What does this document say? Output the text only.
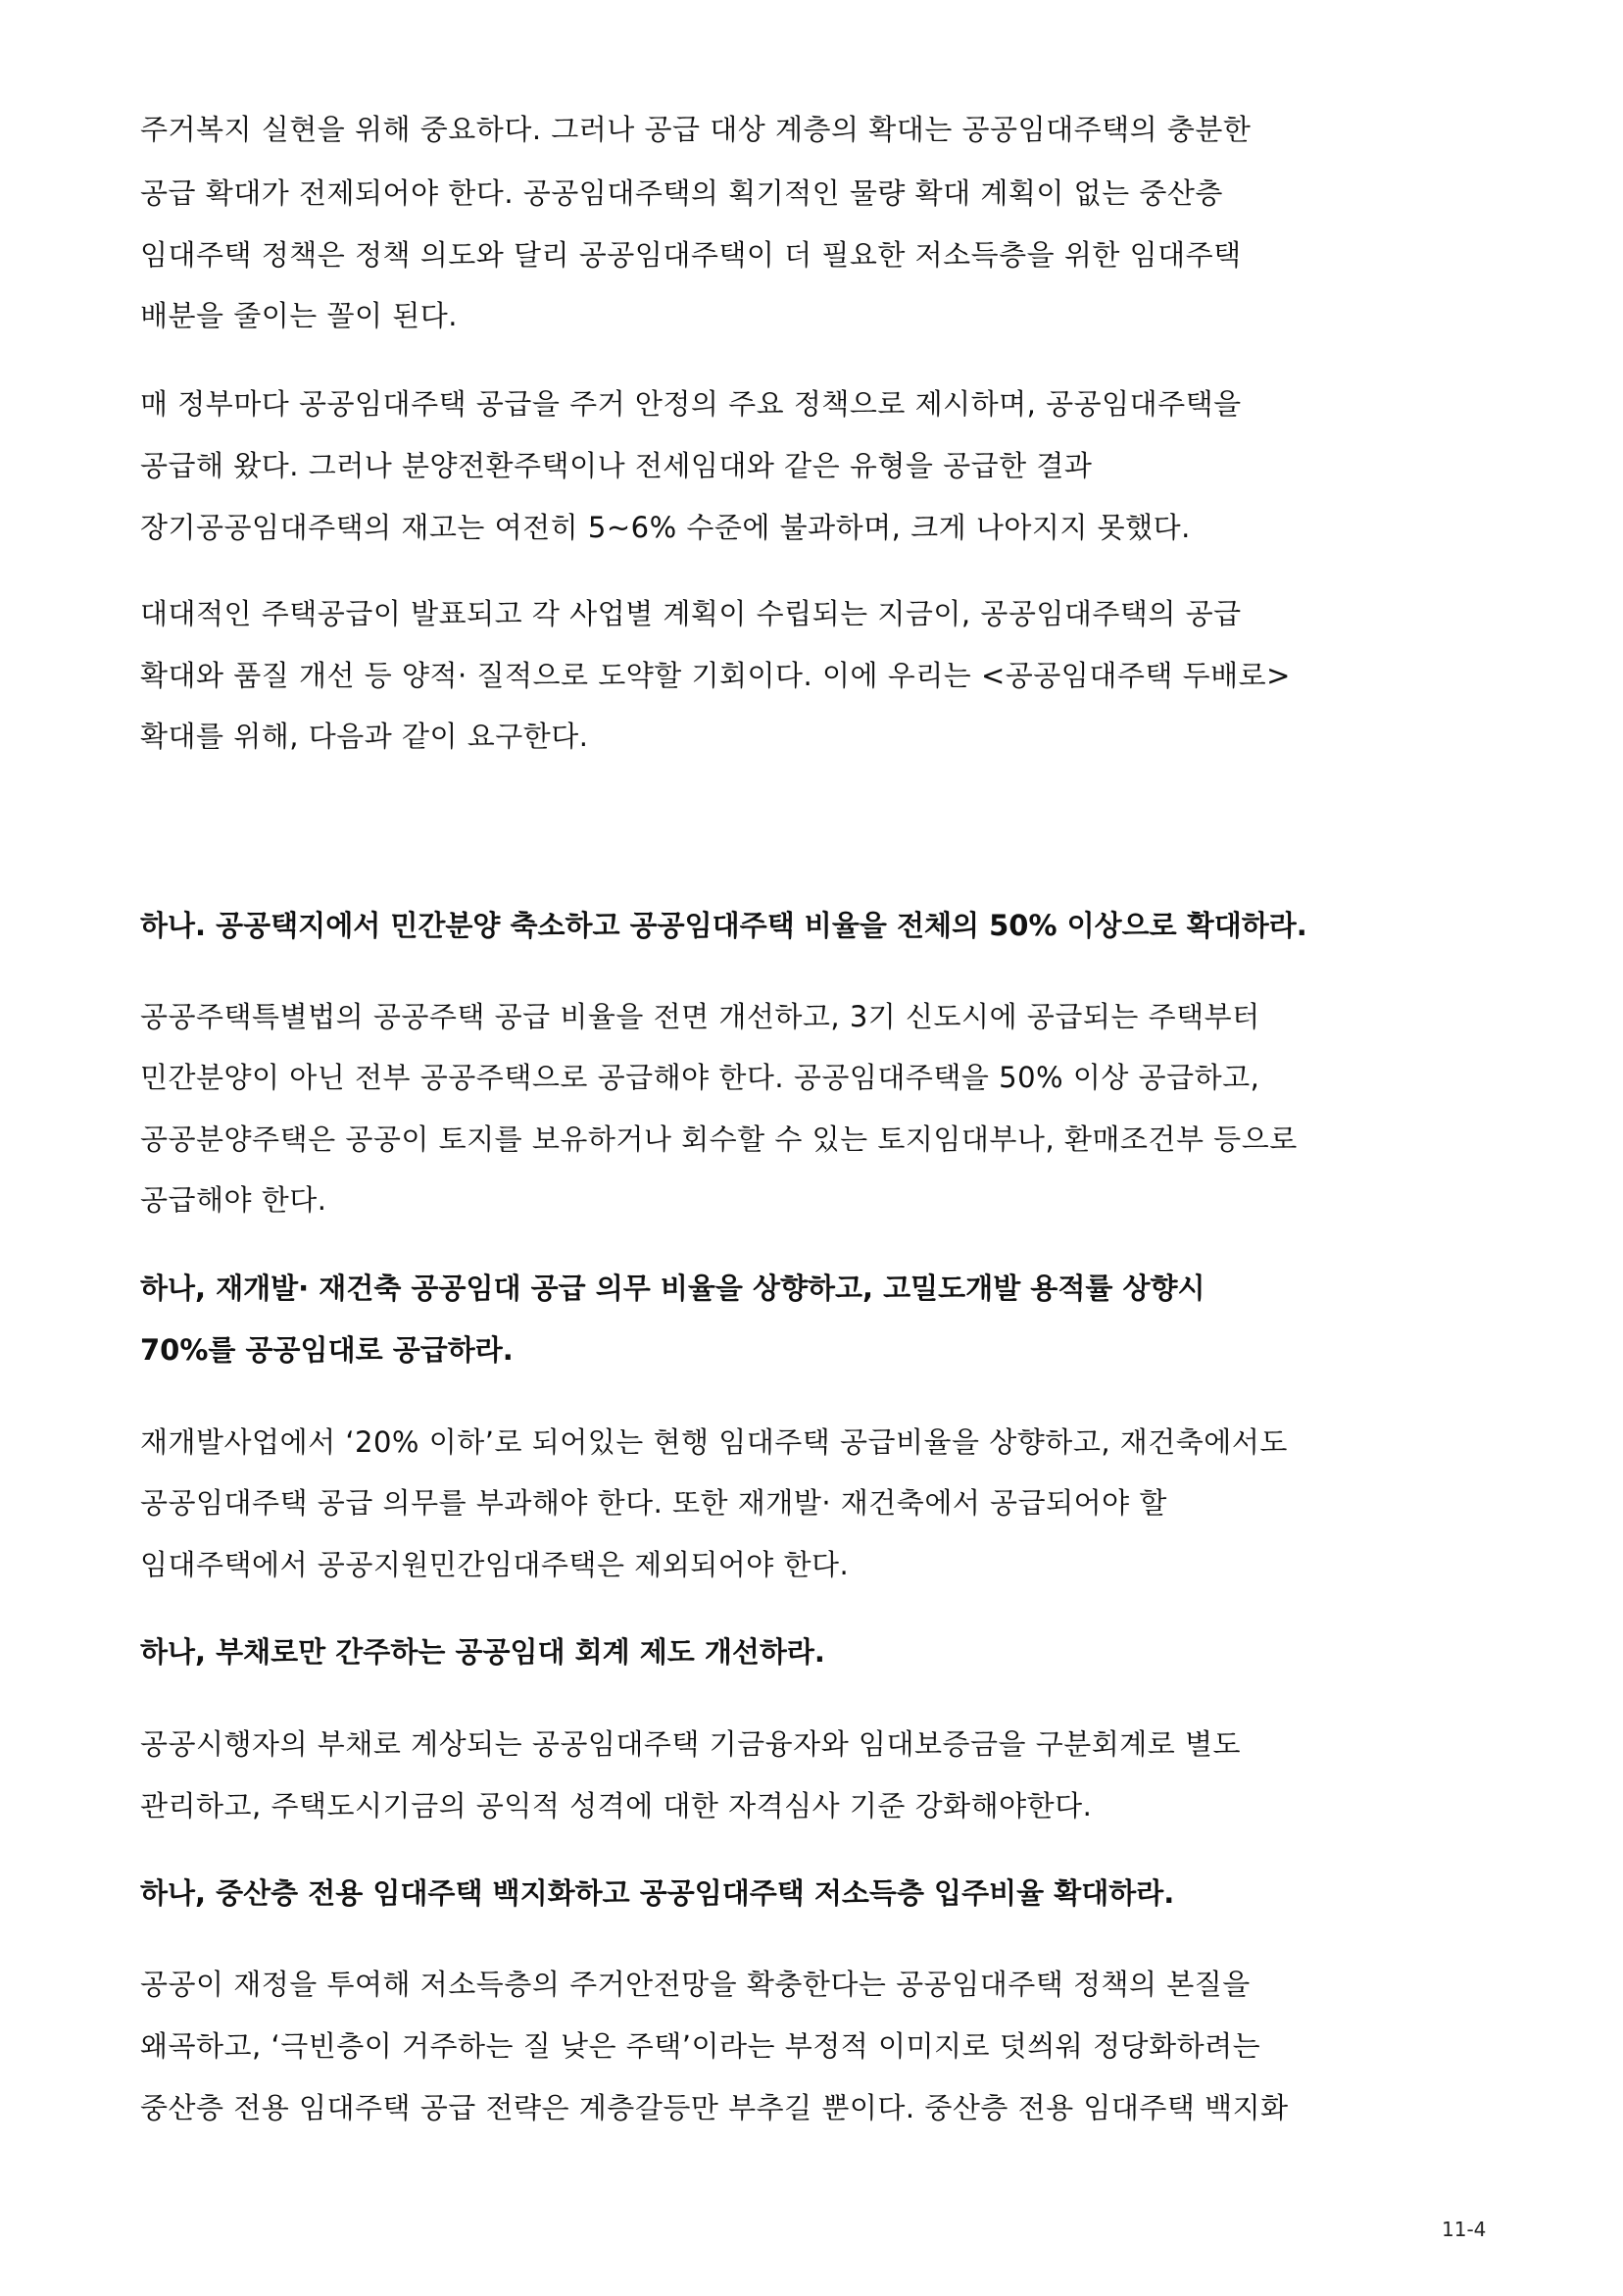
주거복지 실현을 위해 중요하다. 그러나 공급 대상 계층의 확대는 공공임대주택의 충분한

공급 확대가 전제되어야 한다. 공공임대주택의 획기적인 물량 확대 계획이 없는 중산층

임대주택 정책은 정책 의도와 달리 공공임대주택이 더 필요한 저소득층을 위한 임대주택

배분을 줄이는 꼴이 된다.

매 정부마다 공공임대주택 공급을 주거 안정의 주요 정책으로 제시하며, 공공임대주택을

공급해 왔다. 그러나 분양전환주택이나 전세임대와 같은 유형을 공급한 결과

장기공공임대주택의 재고는 여전히 5~6% 수준에 불과하며, 크게 나아지지 못했다.

대대적인 주택공급이 발표되고 각 사업별 계획이 수립되는 지금이, 공공임대주택의 공급

확대와 품질 개선 등 양적· 질적으로 도약할 기회이다. 이에 우리는 <공공임대주택 두배로>

확대를 위해, 다음과 같이 요구한다.

하나. 공공택지에서 민간분양 축소하고 공공임대주택 비율을 전체의 50% 이상으로 확대하라.

공공주택특별법의 공공주택 공급 비율을 전면 개선하고, 3기 신도시에 공급되는 주택부터

민간분양이 아닌 전부 공공주택으로 공급해야 한다. 공공임대주택을 50% 이상 공급하고,

공공분양주택은 공공이 토지를 보유하거나 회수할 수 있는 토지임대부나, 환매조건부 등으로

공급해야 한다.

하나, 재개발· 재건축 공공임대 공급 의무 비율을 상향하고, 고밀도개발 용적률 상향시

70%를 공공임대로 공급하라.

재개발사업에서 ‘20% 이하’로 되어있는 현행 임대주택 공급비율을 상향하고, 재건축에서도

공공임대주택 공급 의무를 부과해야 한다. 또한 재개발· 재건축에서 공급되어야 할

임대주택에서 공공지원민간임대주택은 제외되어야 한다.

하나, 부채로만 간주하는 공공임대 회계 제도 개선하라.

공공시행자의 부채로 계상되는 공공임대주택 기금융자와 임대보증금을 구분회계로 별도

관리하고, 주택도시기금의 공익적 성격에 대한 자격심사 기준 강화해야한다.

하나, 중산층 전용 임대주택 백지화하고 공공임대주택 저소득층 입주비율 확대하라.

공공이 재정을 투여해 저소득층의 주거안전망을 확충한다는 공공임대주택 정책의 본질을

왜곡하고, ‘극빈층이 거주하는 질 낮은 주택’이라는 부정적 이미지로 덧씌워 정당화하려는

중산층 전용 임대주택 공급 전략은 계층갈등만 부추길 뿐이다. 중산층 전용 임대주택 백지화

11-4
